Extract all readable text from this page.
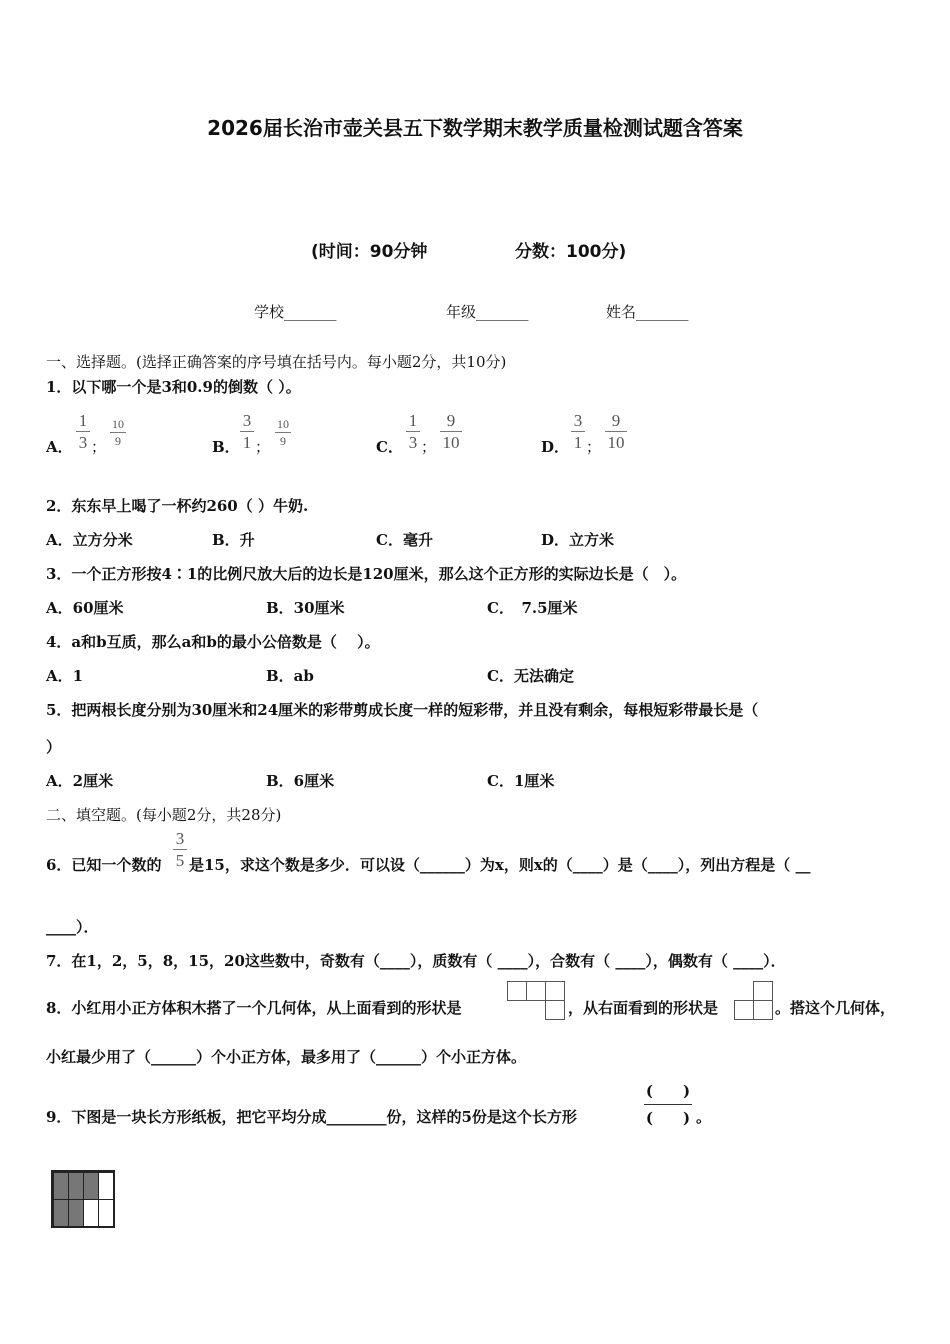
2026届长治市壶关县五下数学期末教学质量检测试题含答案
(时间：90分钟	分数：100分)
学校_______	年级_______	姓名_______
一、选择题。(选择正确答案的序号填在括号内。每小题2分，共10分)
1．以下哪一个是3和0.9的倒数（ ）。
A．
1
3 ；
10
9	B．
3
1 ；
10
9	C．
1
3 ；
9
10	D．
3
1 ；
9
10
2．东东早上喝了一杯约260（ ）牛奶.
A．立方分米	B．升	C．毫升	D．立方米
3．一个正方形按4∶1的比例尺放大后的边长是120厘米，那么这个正方形的实际边长是（　）。
A．60厘米	B．30厘米	C．　7.5厘米
4．a和b互质，那么a和b的最小公倍数是（　 ）。
A．1	B．ab	C．无法确定
5．把两根长度分别为30厘米和24厘米的彩带剪成长度一样的短彩带，并且没有剩余，每根短彩带最长是（
）
A．2厘米	B．6厘米	C．1厘米
二、填空题。(每小题2分，共28分)
6．已知一个数的
3
5 是15，求这个数是多少．可以设（______）为x，则x的（____）是（____），列出方程是（ __
____）．
7．在1，2，5，8，15，20这些数中，奇数有（____），质数有（ ____），合数有（ ____），偶数有（ ____）．
8．小红用小正方体积木搭了一个几何体，从上面看到的形状是

			，从右面看到的形状是

		。搭这个几何体，
小红最少用了（______）个小正方体，最多用了（______）个小正方体。
9．下图是一块长方形纸板，把它平均分成________份，这样的5份是这个长方形
(　　)
(　　) 。
